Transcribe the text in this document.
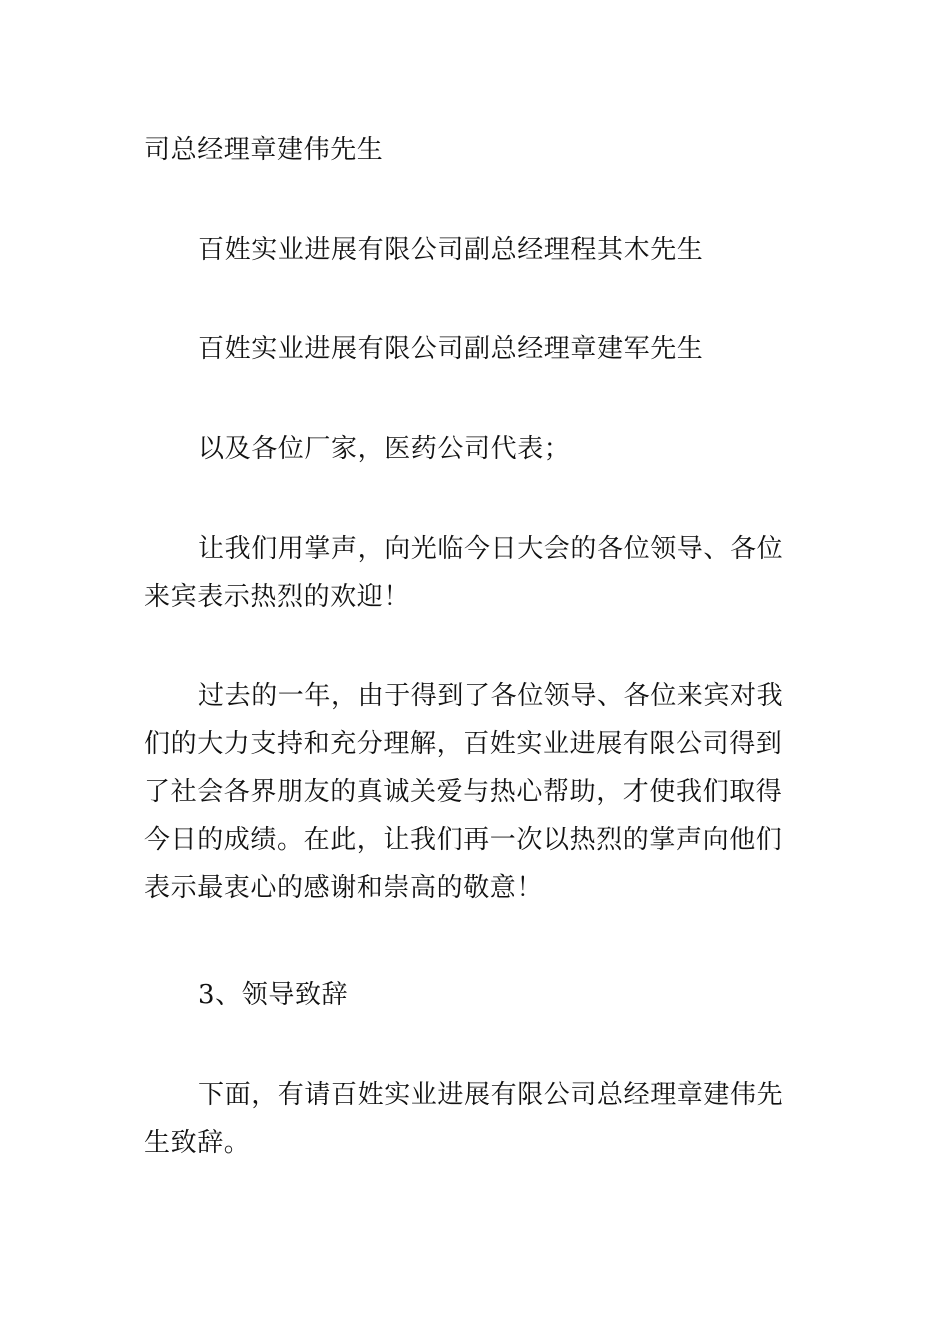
司总经理章建伟先生

百姓实业进展有限公司副总经理程其木先生

百姓实业进展有限公司副总经理章建军先生

以及各位厂家，医药公司代表；

让我们用掌声，向光临今日大会的各位领导、各位来宾表示热烈的欢迎！

过去的一年，由于得到了各位领导、各位来宾对我们的大力支持和充分理解，百姓实业进展有限公司得到了社会各界朋友的真诚关爱与热心帮助，才使我们取得今日的成绩。在此，让我们再一次以热烈的掌声向他们表示最衷心的感谢和崇高的敬意！

3、领导致辞

下面，有请百姓实业进展有限公司总经理章建伟先生致辞。
